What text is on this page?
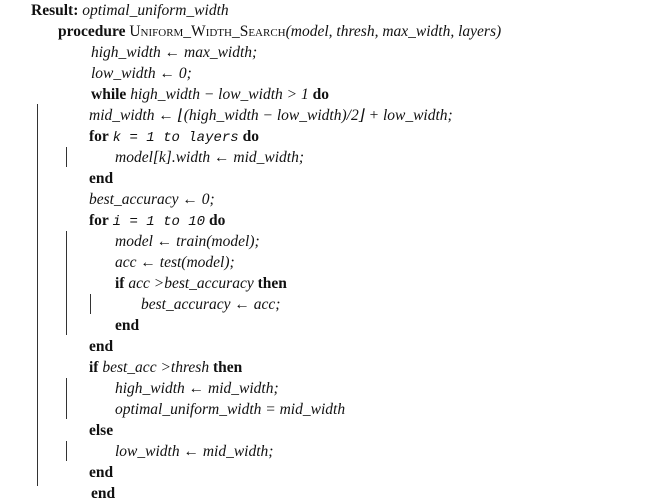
Result: optimal_uniform_width
procedure Uniform_Width_Search(model, thresh, max_width, layers)
high_width ← max_width;
low_width ← 0;
while high_width − low_width > 1 do
mid_width ← ⌊(high_width − low_width)/2⌋ + low_width;
for k = 1 to layers do
model[k].width ← mid_width;
end
best_accuracy ← 0;
for i = 1 to 10 do
model ← train(model);
acc ← test(model);
if acc >best_accuracy then
best_accuracy ← acc;
end
end
if best_acc >thresh then
high_width ← mid_width;
optimal_uniform_width = mid_width
else
low_width ← mid_width;
end
end
